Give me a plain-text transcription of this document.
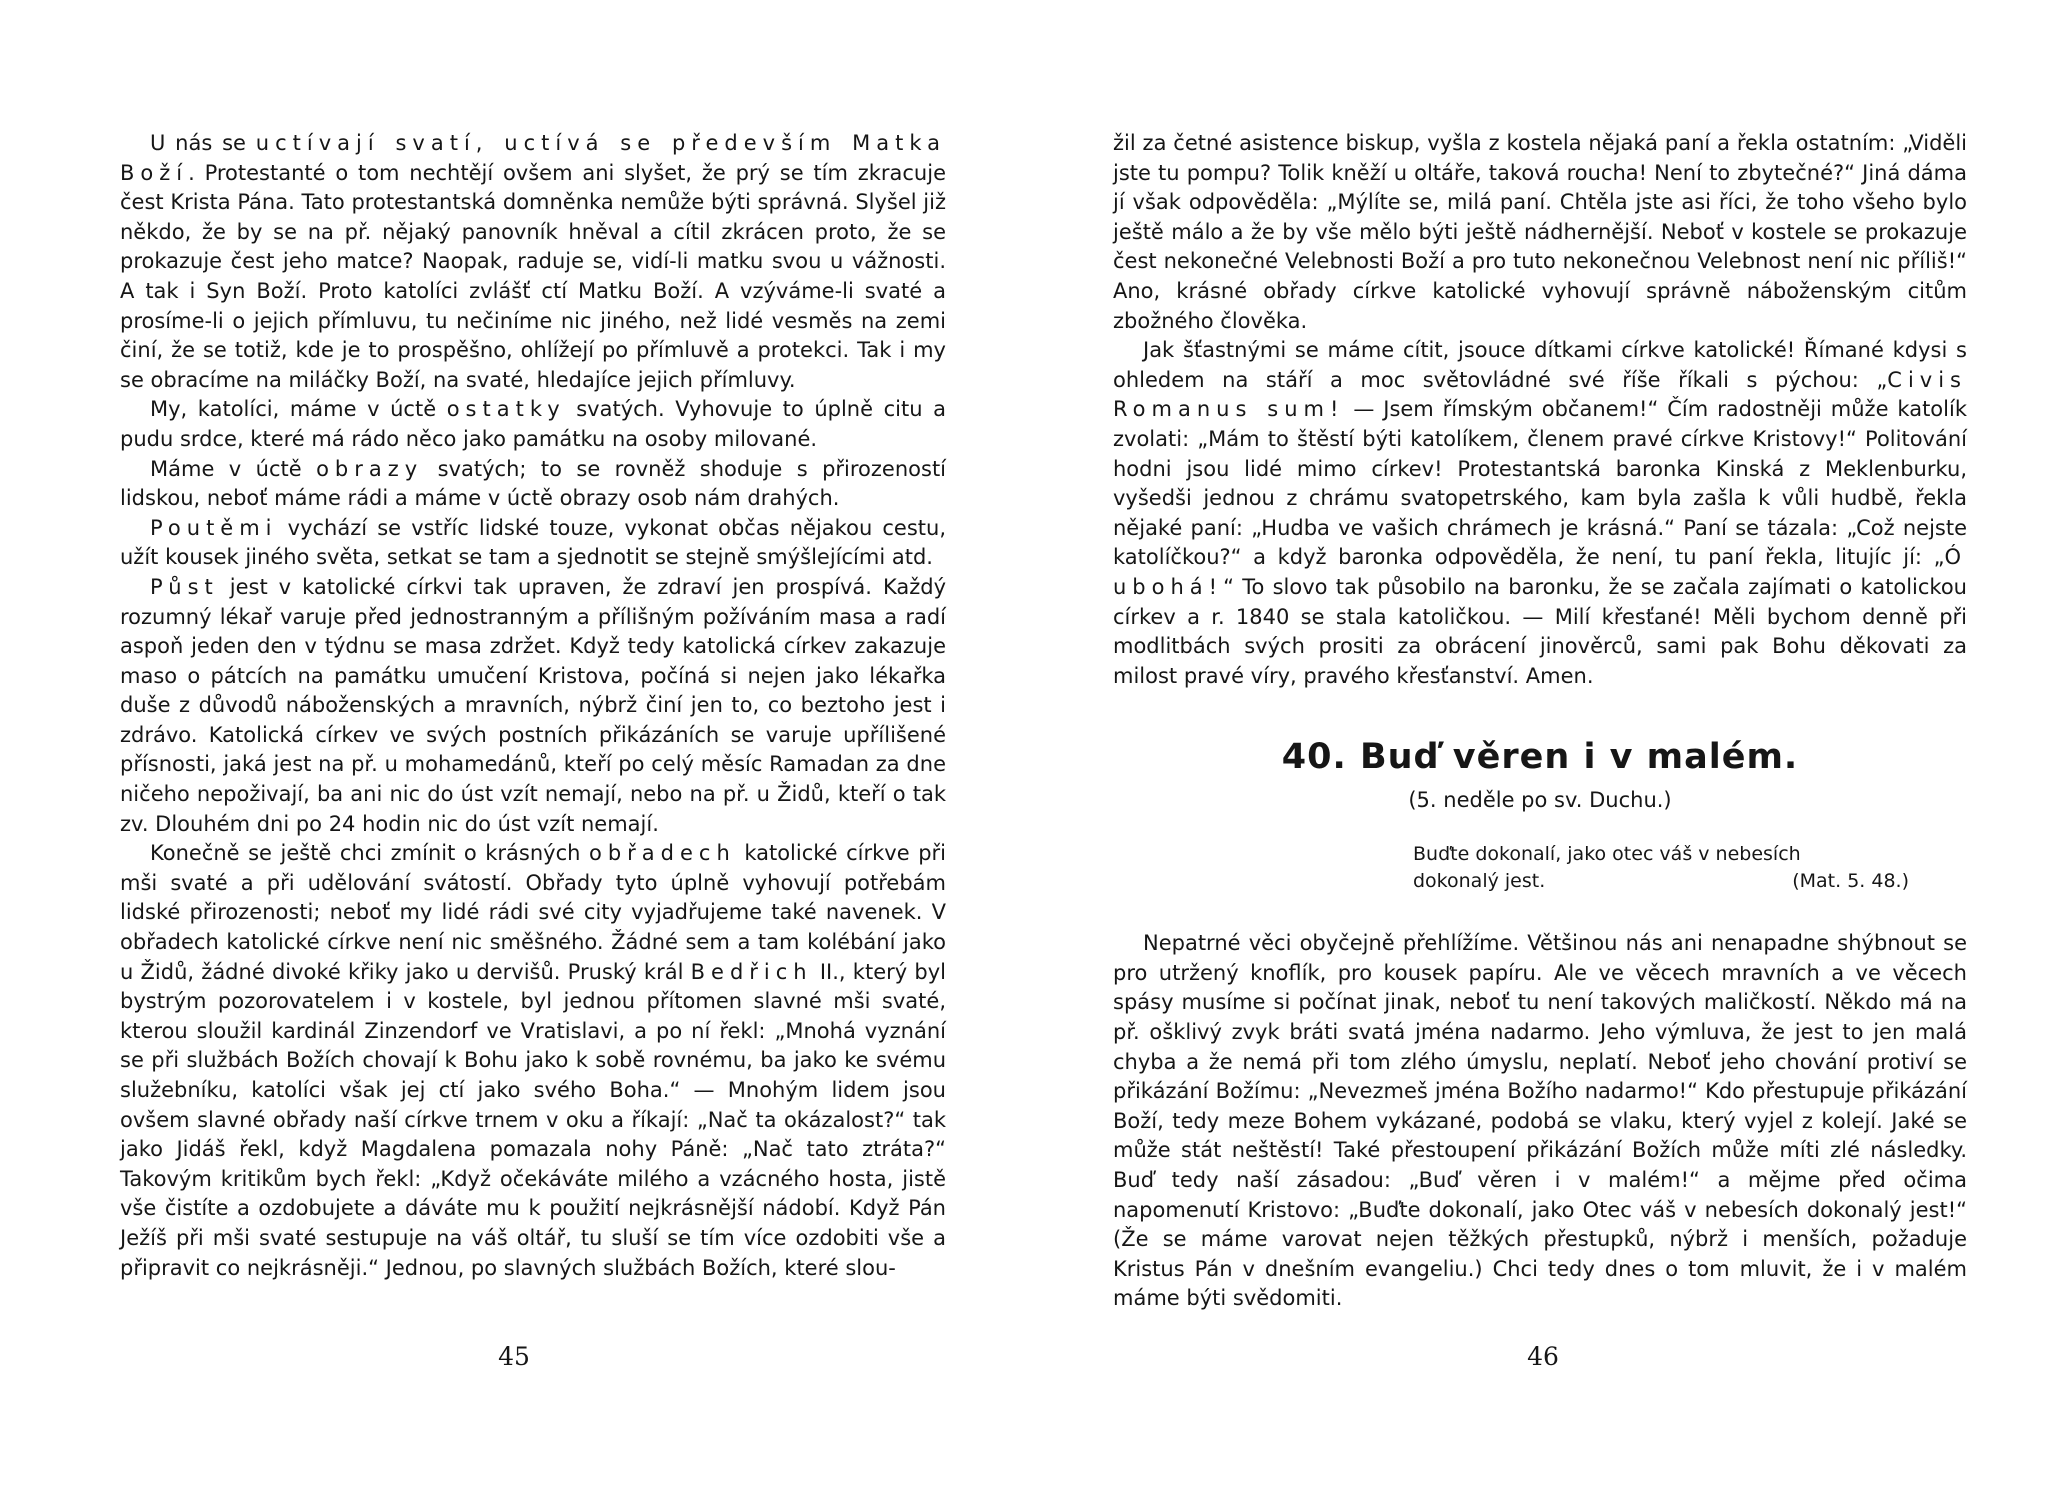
U nás se uctívají svatí, uctívá se především Matka Boží. Protestanté o tom nechtějí ovšem ani slyšet, že prý se tím zkracuje čest Krista Pána. Tato protestantská domněnka nemůže býti správná. Slyšel již někdo, že by se na př. nějaký panovník hněval a cítil zkrácen proto, že se prokazuje čest jeho matce? Naopak, raduje se, vidí-li matku svou u vážnosti. A tak i Syn Boží. Proto katolíci zvlášť ctí Matku Boží. A vzýváme-li svaté a prosíme-li o jejich přímluvu, tu nečiníme nic jiného, než lidé vesměs na zemi činí, že se totiž, kde je to prospěšno, ohlížejí po přímluvě a protekci. Tak i my se obracíme na miláčky Boží, na svaté, hledajíce jejich přímluvy.

My, katolíci, máme v úctě ostatky svatých. Vyhovuje to úplně citu a pudu srdce, které má rádo něco jako památku na osoby milované.

Máme v úctě obrazy svatých; to se rovněž shoduje s přirozeností lidskou, neboť máme rádi a máme v úctě obrazy osob nám drahých.

Poutěmi vychází se vstříc lidské touze, vykonat občas nějakou cestu, užít kousek jiného světa, setkat se tam a sjednotit se stejně smýšlejícími atd.

Půst jest v katolické církvi tak upraven, že zdraví jen prospívá. Každý rozumný lékař varuje před jednostranným a přílišným požíváním masa a radí aspoň jeden den v týdnu se masa zdržet. Když tedy katolická církev zakazuje maso o pátcích na památku umučení Kristova, počíná si nejen jako lékařka duše z důvodů náboženských a mravních, nýbrž činí jen to, co beztoho jest i zdrávo. Katolická církev ve svých postních přikázáních se varuje upřílišené přísnosti, jaká jest na př. u mohamedánů, kteří po celý měsíc Ramadan za dne ničeho nepoživají, ba ani nic do úst vzít nemají, nebo na př. u Židů, kteří o tak zv. Dlouhém dni po 24 hodin nic do úst vzít nemají.

Konečně se ještě chci zmínit o krásných obřadech katolické církve při mši svaté a při udělování svátostí. Obřady tyto úplně vyhovují potřebám lidské přirozenosti; neboť my lidé rádi své city vyjadřujeme také navenek. V obřadech katolické církve není nic směšného. Žádné sem a tam kolébání jako u Židů, žádné divoké křiky jako u dervišů. Pruský král Bedřich II., který byl bystrým pozorovatelem i v kostele, byl jednou přítomen slavné mši svaté, kterou sloužil kardinál Zinzendorf ve Vratislavi, a po ní řekl: „Mnohá vyznání se při službách Božích chovají k Bohu jako k sobě rovnému, ba jako ke svému služebníku, katolíci však jej ctí jako svého Boha.“ — Mnohým lidem jsou ovšem slavné obřady naší církve trnem v oku a říkají: „Nač ta okázalost?“ tak jako Jidáš řekl, když Magdalena pomazala nohy Páně: „Nač tato ztráta?“ Takovým kritikům bych řekl: „Když očekáváte milého a vzácného hosta, jistě vše čistíte a ozdobujete a dáváte mu k použití nejkrásnější nádobí. Když Pán Ježíš při mši svaté sestupuje na váš oltář, tu sluší se tím více ozdobiti vše a připravit co nejkrásněji.“ Jednou, po slavných službách Božích, které slou-

45

žil za četné asistence biskup, vyšla z kostela nějaká paní a řekla ostatním: „Viděli jste tu pompu? Tolik kněží u oltáře, taková roucha! Není to zbytečné?“ Jiná dáma jí však odpověděla: „Mýlíte se, milá paní. Chtěla jste asi říci, že toho všeho bylo ještě málo a že by vše mělo býti ještě nádhernější. Neboť v kostele se prokazuje čest nekonečné Velebnosti Boží a pro tuto nekonečnou Velebnost není nic příliš!“ Ano, krásné obřady církve katolické vyhovují správně náboženským citům zbožného člověka.

Jak šťastnými se máme cítit, jsouce dítkami církve katolické! Římané kdysi s ohledem na stáří a moc světovládné své říše říkali s pýchou: „Civis Romanus sum! — Jsem římským občanem!“ Čím radostněji může katolík zvolati: „Mám to štěstí býti katolíkem, členem pravé církve Kristovy!“ Politování hodni jsou lidé mimo církev! Protestantská baronka Kinská z Meklenburku, vyšedši jednou z chrámu svatopetrského, kam byla zašla k vůli hudbě, řekla nějaké paní: „Hudba ve vašich chrámech je krásná.“ Paní se tázala: „Což nejste katolíčkou?“ a když baronka odpověděla, že není, tu paní řekla, litujíc jí: „Ó ubohá!“ To slovo tak působilo na baronku, že se začala zajímati o katolickou církev a r. 1840 se stala katoličkou. — Milí křesťané! Měli bychom denně při modlitbách svých prositi za obrácení jinověrců, sami pak Bohu děkovati za milost pravé víry, pravého křesťanství. Amen.

40. Buď věren i v malém.
(5. neděle po sv. Duchu.)
Buďte dokonalí, jako otec váš v nebesích
dokonalý jest.	(Mat. 5. 48.)

Nepatrné věci obyčejně přehlížíme. Většinou nás ani nenapadne shýbnout se pro utržený knoflík, pro kousek papíru. Ale ve věcech mravních a ve věcech spásy musíme si počínat jinak, neboť tu není takových maličkostí. Někdo má na př. ošklivý zvyk bráti svatá jména nadarmo. Jeho výmluva, že jest to jen malá chyba a že nemá při tom zlého úmyslu, neplatí. Neboť jeho chování protiví se přikázání Božímu: „Nevezmeš jména Božího nadarmo!“ Kdo přestupuje přikázání Boží, tedy meze Bohem vykázané, podobá se vlaku, který vyjel z kolejí. Jaké se může stát neštěstí! Také přestoupení přikázání Božích může míti zlé následky. Buď tedy naší zásadou: „Buď věren i v malém!“ a mějme před očima napomenutí Kristovo: „Buďte dokonalí, jako Otec váš v nebesích dokonalý jest!“ (Že se máme varovat nejen těžkých přestupků, nýbrž i menších, požaduje Kristus Pán v dnešním evangeliu.) Chci tedy dnes o tom mluvit, že i v malém máme býti svědomiti.

46
